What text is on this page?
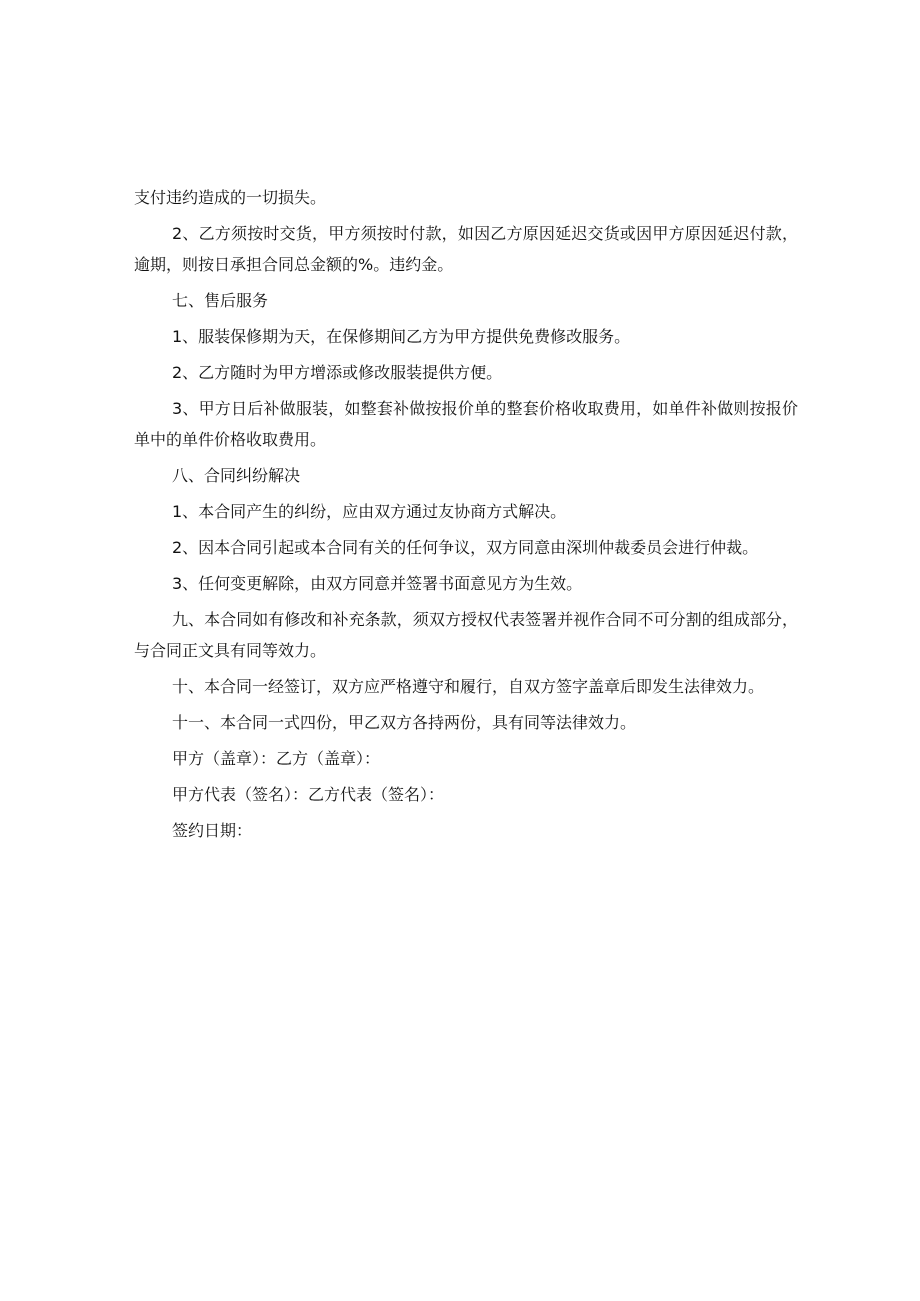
支付违约造成的一切损失。

2、乙方须按时交货，甲方须按时付款，如因乙方原因延迟交货或因甲方原因延迟付款，逾期，则按日承担合同总金额的%。违约金。

七、售后服务

1、服装保修期为天，在保修期间乙方为甲方提供免费修改服务。

2、乙方随时为甲方增添或修改服装提供方便。

3、甲方日后补做服装，如整套补做按报价单的整套价格收取费用，如单件补做则按报价单中的单件价格收取费用。

八、合同纠纷解决

1、本合同产生的纠纷，应由双方通过友协商方式解决。

2、因本合同引起或本合同有关的任何争议，双方同意由深圳仲裁委员会进行仲裁。

3、任何变更解除，由双方同意并签署书面意见方为生效。

九、本合同如有修改和补充条款，须双方授权代表签署并视作合同不可分割的组成部分，与合同正文具有同等效力。

十、本合同一经签订，双方应严格遵守和履行，自双方签字盖章后即发生法律效力。

十一、本合同一式四份，甲乙双方各持两份，具有同等法律效力。

甲方（盖章）：乙方（盖章）：

甲方代表（签名）：乙方代表（签名）：

签约日期：
